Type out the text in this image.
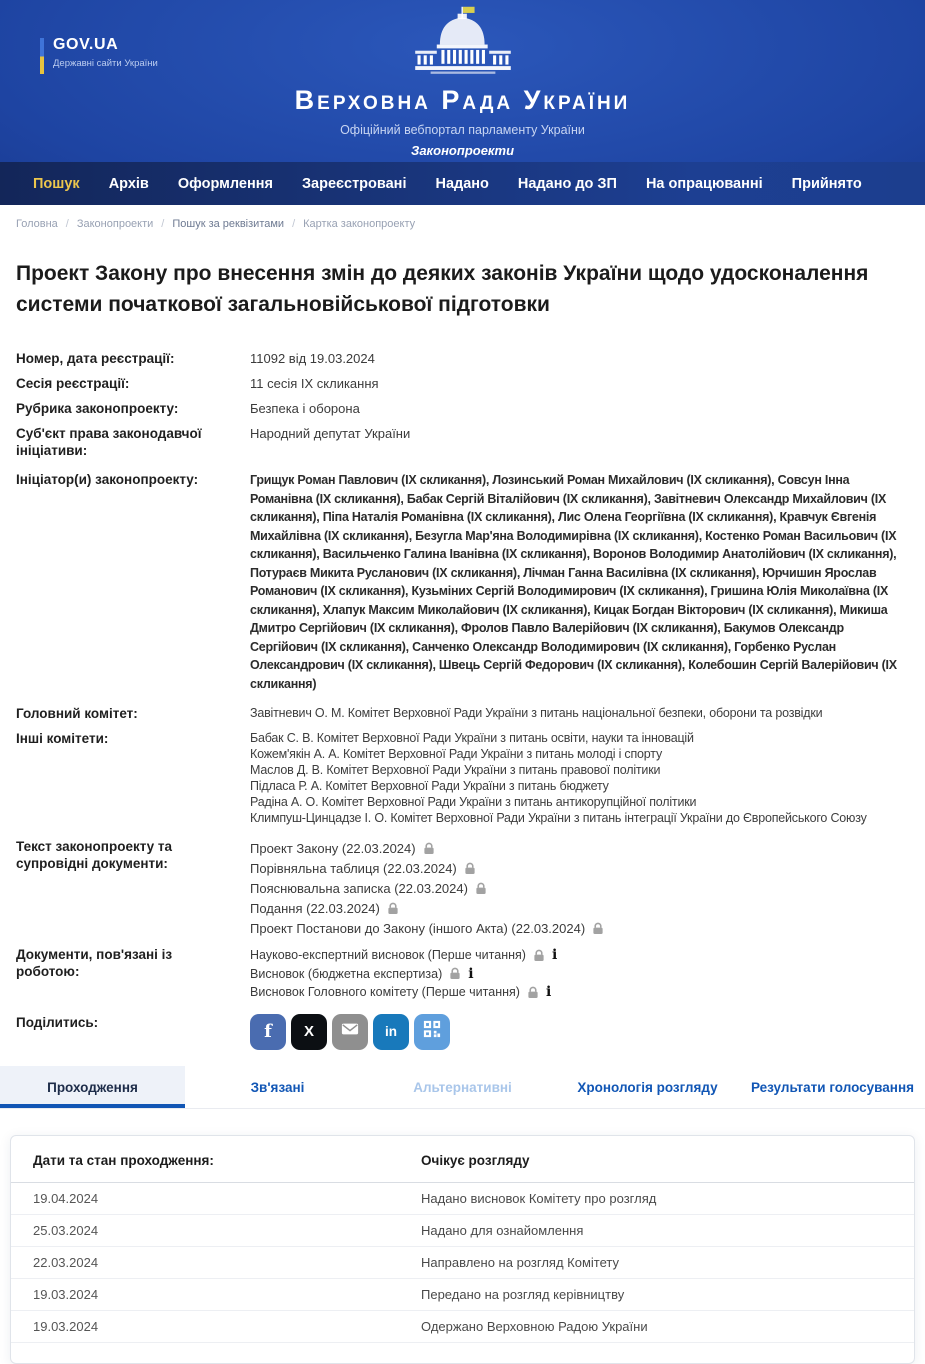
GOV.UA
Державні сайти України
Верховна Рада України
Офіційний вебпортал парламенту України
Законопроекти
Пошук Архів Оформлення Зареєстровані Надано Надано до ЗП На опрацюванні Прийнято
Головна / Законопроекти / Пошук за реквізитами / Картка законопроекту
Проект Закону про внесення змін до деяких законів України щодо удосконалення системи початкової загальновійськової підготовки
Номер, дата реєстрації:	11092 від 19.03.2024
Сесія реєстрації:	11 сесія IX скликання
Рубрика законопроекту:	Безпека і оборона
Суб'єкт права законодавчої ініціативи:
Народний депутат України
Ініціатор(и) законопроекту:	Грищук Роман Павлович (ІХ скликання), Лозинський Роман Михайлович (ІХ скликання), Совсун Інна Романівна (ІХ скликання), Бабак Сергій Віталійович (ІХ скликання), Завітневич Олександр Михайлович (ІХ скликання), Піпа Наталія Романівна (ІХ скликання), Лис Олена Георгіївна (ІХ скликання), Кравчук Євгенія Михайлівна (ІХ скликання), Безугла Мар'яна Володимирівна (ІХ скликання), Костенко Роман Васильович (ІХ скликання), Васильченко Галина Іванівна (ІХ скликання), Воронов Володимир Анатолійович (ІХ скликання), Потураєв Микита Русланович (ІХ скликання), Лічман Ганна Василівна (ІХ скликання), Юрчишин Ярослав Романович (ІХ скликання), Кузьміних Сергій Володимирович (ІХ скликання), Гришина Юлія Миколаївна (ІХ скликання), Хлапук Максим Миколайович (ІХ скликання), Кицак Богдан Вікторович (ІХ скликання), Микиша Дмитро Сергійович (ІХ скликання), Фролов Павло Валерійович (ІХ скликання), Бакумов Олександр Сергійович (ІХ скликання), Санченко Олександр Володимирович (ІХ скликання), Горбенко Руслан Олександрович (ІХ скликання), Швець Сергій Федорович (ІХ скликання), Колебошин Сергій Валерійович (ІХ скликання)
Головний комітет:	Завітневич О. М. Комітет Верховної Ради України з питань національної безпеки, оборони та розвідки
Інші комітети:	Бабак С. В. Комітет Верховної Ради України з питань освіти, науки та інновацій
Кожем'якін А. А. Комітет Верховної Ради України з питань молоді і спорту
Маслов Д. В. Комітет Верховної Ради України з питань правової політики
Підласа Р. А. Комітет Верховної Ради України з питань бюджету
Радіна А. О. Комітет Верховної Ради України з питань антикорупційної політики
Климпуш-Цинцадзе І. О. Комітет Верховної Ради України з питань інтеграції України до Європейського Союзу
Текст законопроекту та супровідні документи:
Проект Закону (22.03.2024)
Порівняльна таблиця (22.03.2024)
Пояснювальна записка (22.03.2024)
Подання (22.03.2024)
Проект Постанови до Закону (іншого Акта) (22.03.2024)
Документи, пов'язані із роботою:
Науково-експертний висновок (Перше читання) i
Висновок (бюджетна експертиза) i
Висновок Головного комітету (Перше читання) i
Поділитись:	f	X	in
Проходження	Зв'язані	Альтернативні	Хронологія розгляду	Результати голосування
Дати та стан проходження:	Очікує розгляду
19.04.2024	Надано висновок Комітету про розгляд
25.03.2024	Надано для ознайомлення
22.03.2024	Направлено на розгляд Комітету
19.03.2024	Передано на розгляд керівництву
19.03.2024	Одержано Верховною Радою України
